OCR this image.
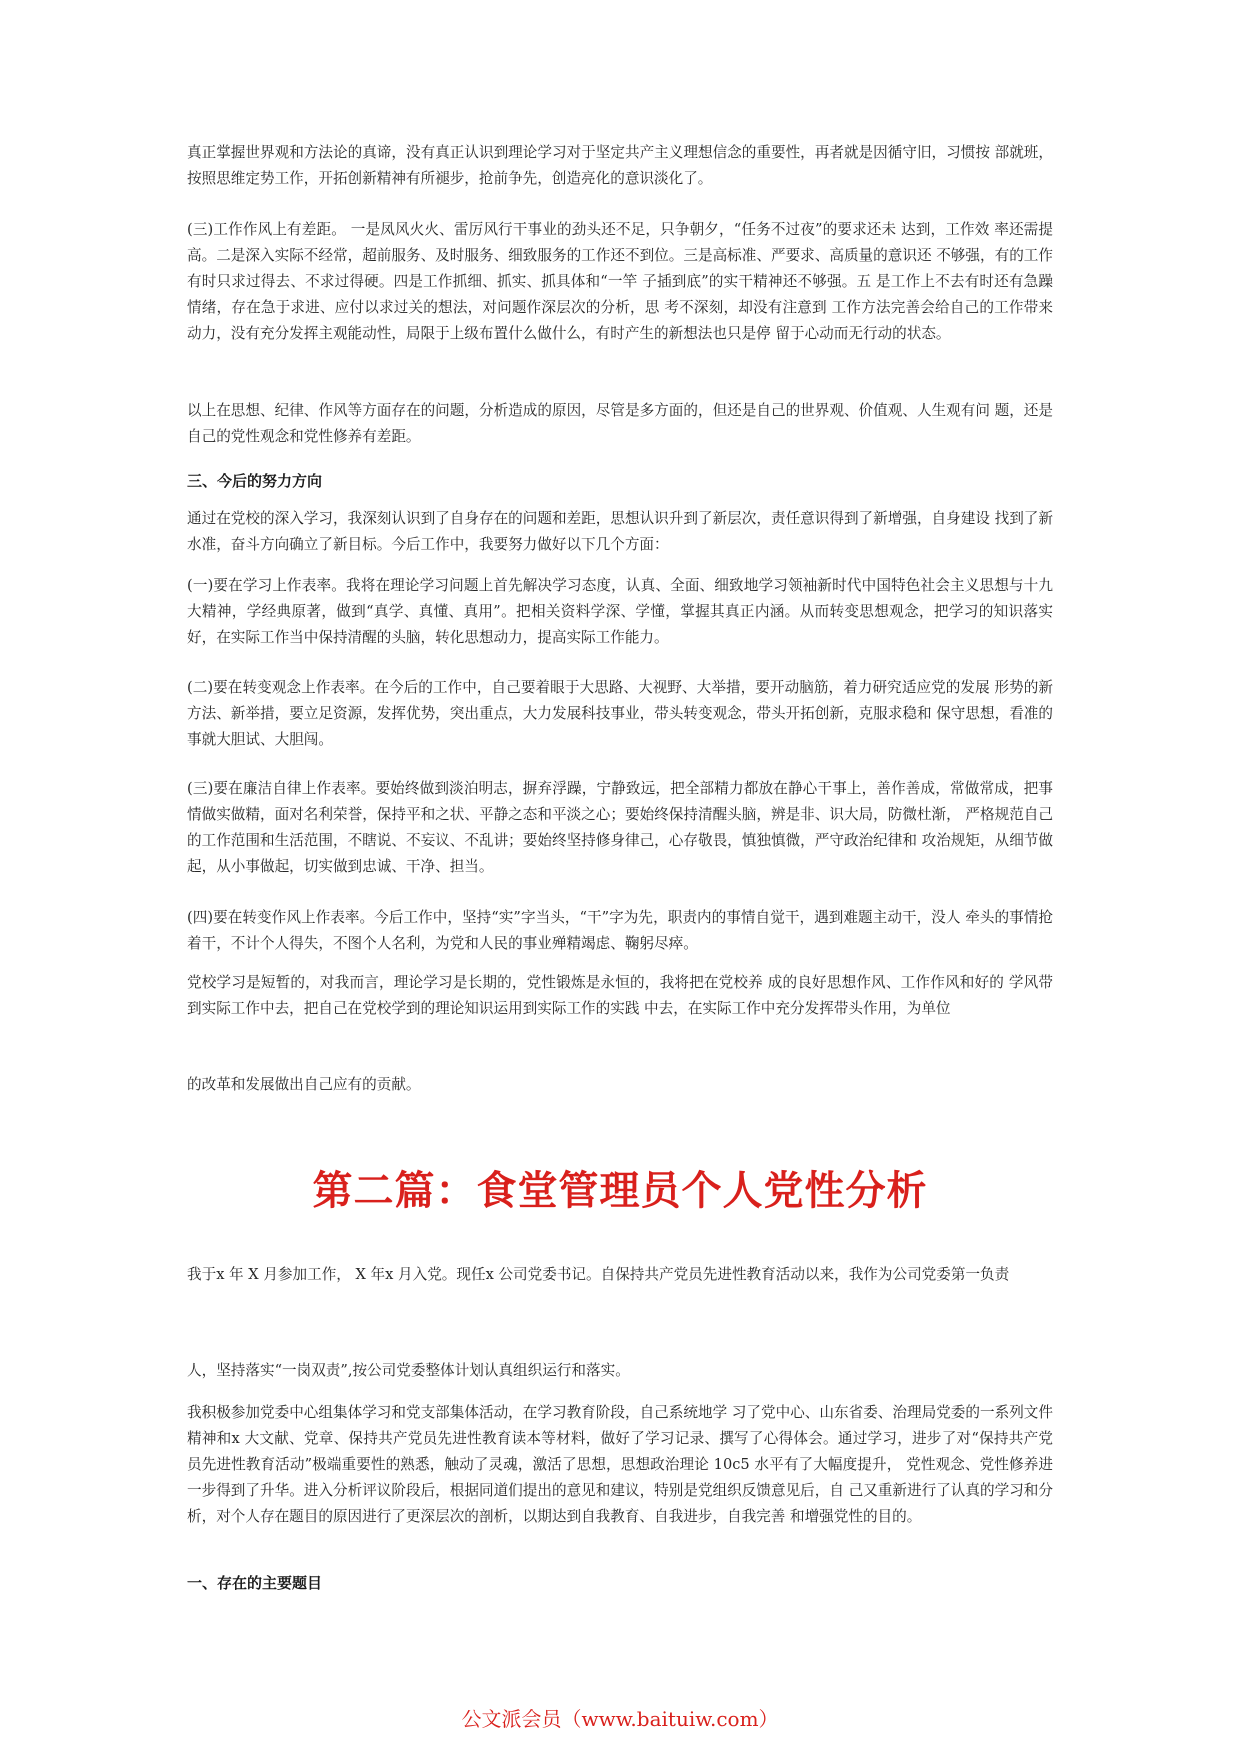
真正掌握世界观和方法论的真谛，没有真正认识到理论学习对于坚定共产主义理想信念的重要性，再者就是因循守旧，习惯按 部就班，按照思维定势工作，开拓创新精神有所褪步，抢前争先，创造亮化的意识淡化了。

(三)工作作风上有差距。 一是凤风火火、雷厉风行干事业的劲头还不足，只争朝夕，“任务不过夜”的要求还未 达到，工作效 率还需提高。二是深入实际不经常，超前服务、及时服务、细致服务的工作还不到位。三是高标准、严要求、高质量的意识还 不够强，有的工作有时只求过得去、不求过得硬。四是工作抓细、抓实、抓具体和“一竿 子插到底”的实干精神还不够强。五 是工作上不去有时还有急躁情绪，存在急于求进、应付以求过关的想法，对问题作深层次的分析，思 考不深刻，却没有注意到 工作方法完善会给自己的工作带来动力，没有充分发挥主观能动性，局限于上级布置什么做什么，有时产生的新想法也只是停 留于心动而无行动的状态。

以上在思想、纪律、作风等方面存在的问题，分析造成的原因，尽管是多方面的，但还是自己的世界观、价值观、人生观有问 题，还是自己的党性观念和党性修养有差距。

三、今后的努力方向

通过在党校的深入学习，我深刻认识到了自身存在的问题和差距，思想认识升到了新层次，责任意识得到了新增强，自身建设 找到了新水准，奋斗方向确立了新目标。今后工作中，我要努力做好以下几个方面：

(一)要在学习上作表率。我将在理论学习问题上首先解决学习态度，认真、全面、细致地学习领袖新时代中国特色社会主义思想与十九大精神，学经典原著，做到“真学、真懂、真用”。把相关资料学深、学懂，掌握其真正内涵。从而转变思想观念，把学习的知识落实好，在实际工作当中保持清醒的头脑，转化思想动力，提高实际工作能力。

(二)要在转变观念上作表率。在今后的工作中，自己要着眼于大思路、大视野、大举措，要开动脑筋，着力研究适应党的发展 形势的新方法、新举措，要立足资源，发挥优势，突出重点，大力发展科技事业，带头转变观念，带头开拓创新，克服求稳和 保守思想，看准的事就大胆试、大胆闯。

(三)要在廉洁自律上作表率。要始终做到淡泊明志，摒弃浮躁，宁静致远，把全部精力都放在静心干事上，善作善成，常做常成，把事情做实做精，面对名利荣誉，保持平和之状、平静之态和平淡之心；要始终保持清醒头脑，辨是非、识大局，防微杜渐， 严格规范自己的工作范围和生活范围，不瞎说、不妄议、不乱讲；要始终坚持修身律己，心存敬畏，慎独慎微，严守政治纪律和 攻治规矩，从细节做起，从小事做起，切实做到忠诚、干净、担当。

(四)要在转变作风上作表率。今后工作中，坚持“实”字当头，“干”字为先，职责内的事情自觉干，遇到难题主动干，没人 牵头的事情抢着干，不计个人得失，不图个人名利，为党和人民的事业殚精竭虑、鞠躬尽瘁。

党校学习是短暂的，对我而言，理论学习是长期的，党性锻炼是永恒的，我将把在党校养 成的良好思想作风、工作作风和好的 学风带到实际工作中去，把自己在党校学到的理论知识运用到实际工作的实践 中去，在实际工作中充分发挥带头作用，为单位

的改革和发展做出自己应有的贡献。

我于x 年 X 月参加工作， X 年x 月入党。现任x 公司党委书记。自保持共产党员先进性教育活动以来，我作为公司党委第一负责

人，坚持落实“一岗双责”,按公司党委整体计划认真组织运行和落实。

我积极参加党委中心组集体学习和党支部集体活动，在学习教育阶段，自己系统地学 习了党中心、山东省委、治理局党委的一系列文件精神和x 大文献、党章、保持共产党员先进性教育读本等材料，做好了学习记录、撰写了心得体会。通过学习，进步了对“保持共产党员先进性教育活动”极端重要性的熟悉，触动了灵魂，激活了思想，思想政治理论 10c5 水平有了大幅度提升， 党性观念、党性修养进一步得到了升华。进入分析评议阶段后，根据同道们提出的意见和建议，特别是党组织反馈意见后，自 己又重新进行了认真的学习和分析，对个人存在题目的原因进行了更深层次的剖析，以期达到自我教育、自我进步，自我完善 和增强党性的目的。

一、存在的主要题目

第二篇：食堂管理员个人党性分析
公文派会员（www.baituiw.com）
